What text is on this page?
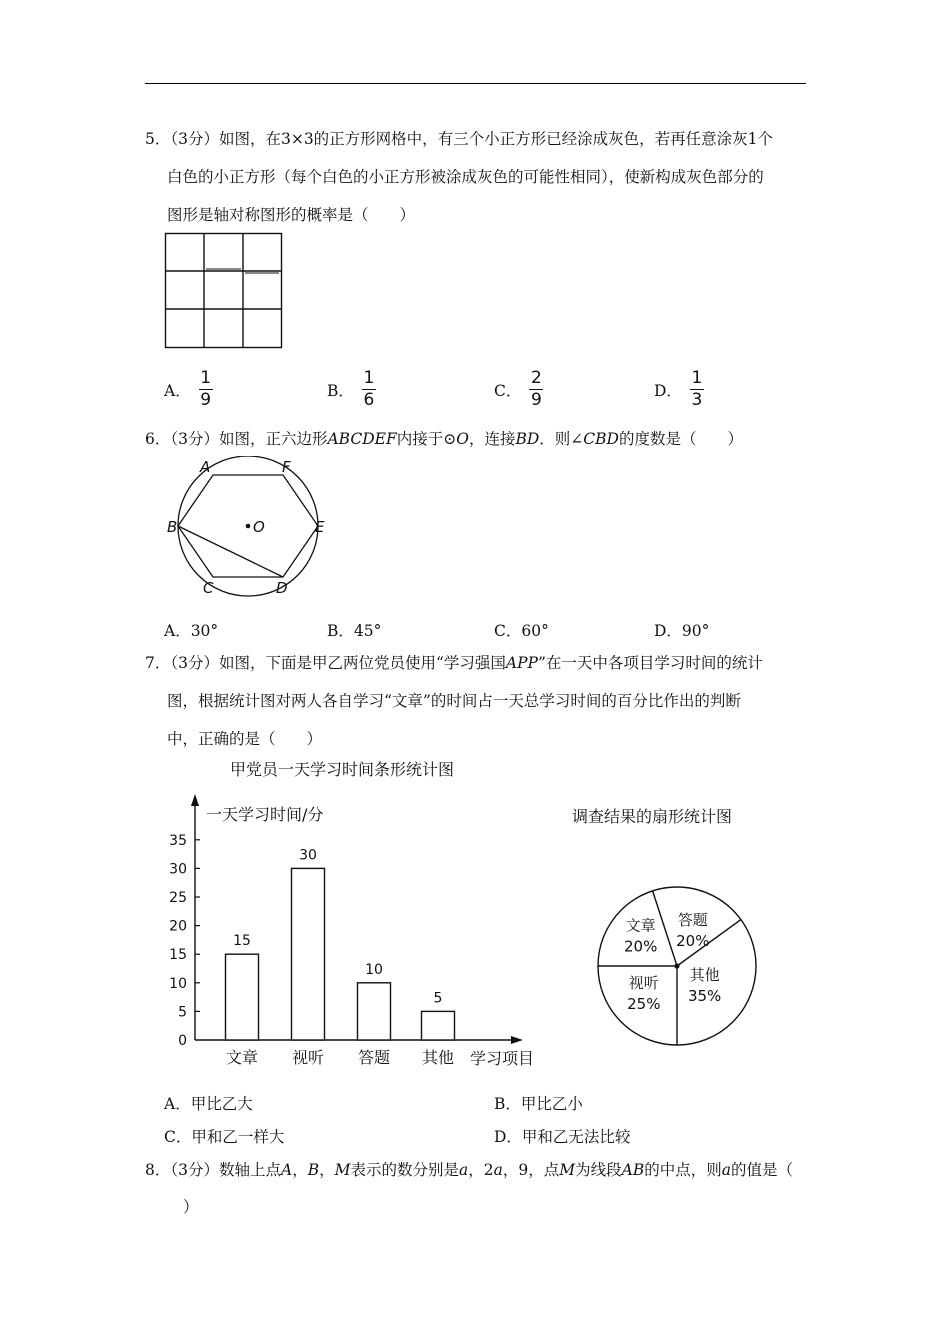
5．（3分）如图，在3×3的正方形网格中，有三个小正方形已经涂成灰色，若再任意涂灰1个
白色的小正方形（每个白色的小正方形被涂成灰色的可能性相同），使新构成灰色部分的
图形是轴对称图形的概率是（　　）
A． $\frac{1}{9}$	B． $\frac{1}{6}$	C． $\frac{2}{9}$	D． $\frac{1}{3}$
6．（3分）如图，正六边形ABCDEF内接于⊙O，连接BD．则∠CBD的度数是（　　）
A	F
B	O	E
C	D
A．30°	B．45°	C．60°	D．90°
7．（3分）如图，下面是甲乙两位党员使用“学习强国APP”在一天中各项目学习时间的统计
图，根据统计图对两人各自学习“文章”的时间占一天总学习时间的百分比作出的判断
中，正确的是（　　）
甲党员一天学习时间条形统计图
一天学习时间/分
0
5
10
15
20
25
30
35
15
文章
30
视听
10
答题
5
其他 学习项目
调查结果的扇形统计图
文章
20%
答题
20%
其他
35%
视听
25%
A．甲比乙大	B．甲比乙小
C．甲和乙一样大	D．甲和乙无法比较
8．（3分）数轴上点A，B，M表示的数分别是a，2a，9，点M为线段AB的中点，则a的值是（
）
